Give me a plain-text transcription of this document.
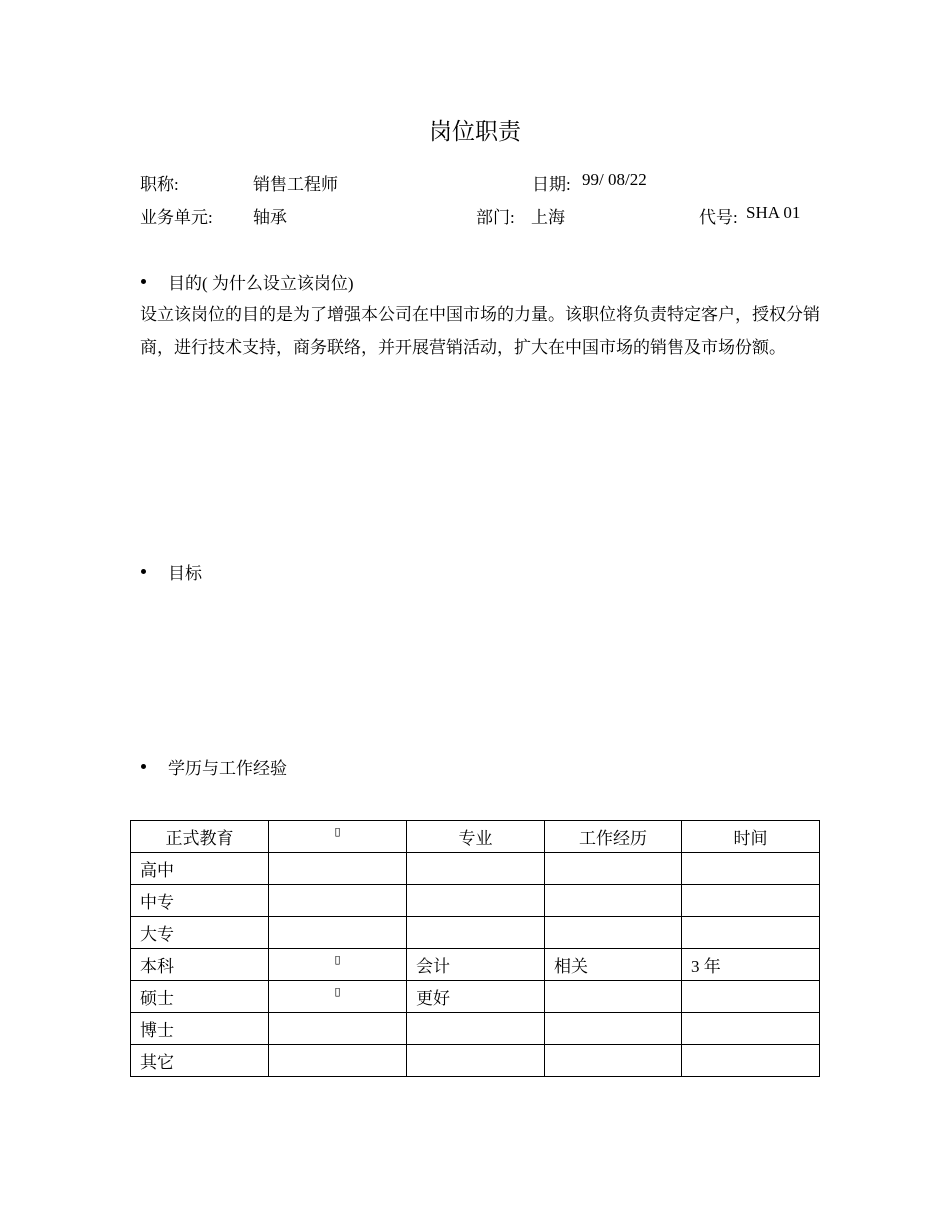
岗位职责
职称:	销售工程师	日期: 99/ 08/22
业务单元: 轴承	部门: 上海	代号: SHA 01
目的( 为什么设立该岗位)
设立该岗位的目的是为了增强本公司在中国市场的力量。该职位将负责特定客户，授权分销商，进行技术支持，商务联络，并开展营销活动，扩大在中国市场的销售及市场份额。
目标
学历与工作经验
正式教育	▯	专业	工作经历	时间
高中				
中专				
大专				
本科	▯	会计	相关	3 年
硕士	▯	更好		
博士				
其它				
